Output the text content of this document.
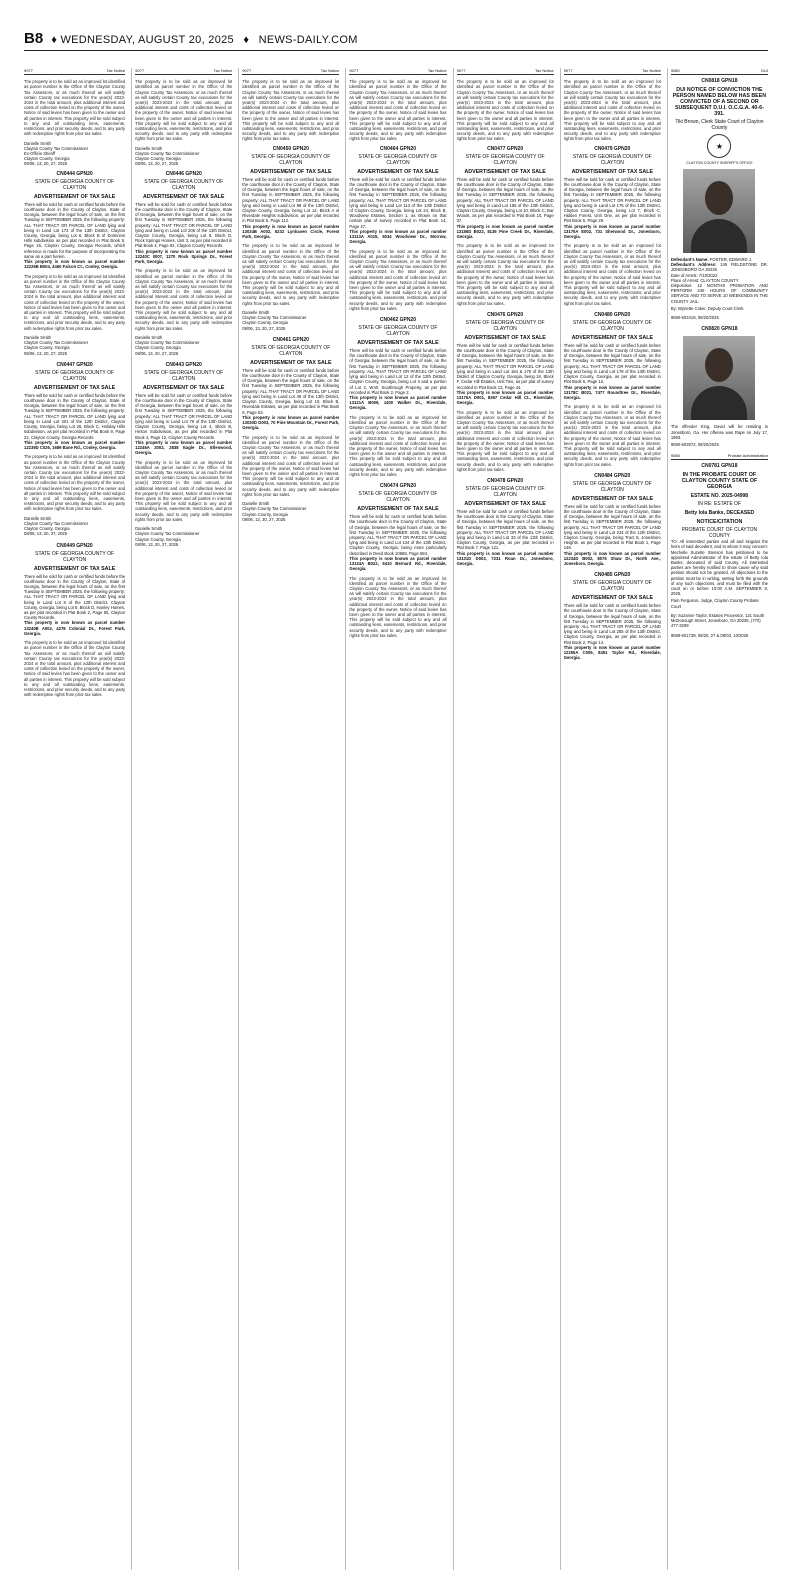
B8 ♦ WEDNESDAY, AUGUST 20, 2025 ♦ NEWS-DAILY.COM
9077	Tax Notice

The property is to be sold as an improved lot identified as parcel number in the Office of the Clayton County Tax Assessors, or as much thereof as will satisfy certain County tax executions for the year(s) 2023-2024 in the total amount, plus additional interest and costs of collection levied on the property of the owner, Notice of said levies has been given to the owner and all parties in interest. This property will be sold subject to any and all outstanding liens, easements, restrictions, and prior security deeds, and to any party with redemptive rights from prior tax sales.

Danielle Smith
Clayton County Tax Commissioner
Ex-Officio Sheriff
Clayton County, Georgia
08/06, 13, 20, 27, 2025

CN0444 GPN20
STATE OF GEORGIA COUNTY OF CLAYTON
ADVERTISEMENT OF TAX SALE

There will be sold for cash or certified funds before the courthouse door in the County of Clayton, State of Georgia, between the legal hours of sale, on the first Tuesday in SEPTEMBER 2025, the following property: ALL THAT TRACT OR PARCEL OF LAND lying and being in Land Lot 172 of the 13th District, Clayton County, Georgia, being Lot 6, Block B of Dominion Hills subdivision as per plat recorded in Plat Book 8, Page 15, Clayton County, Georgia Records, which reference is made for the purpose of incorporating the same as a part herein.

This property is now known as parcel number 12226B B004, 4460 Falcon Ct., Conley, Georgia.

The property is to be sold as an improved lot identified as parcel number in the Office of the Clayton County Tax Assessors, or as much thereof as will satisfy certain County tax executions for the year(s) 2023-2024 in the total amount, plus additional interest and costs of collection levied on the property of the owner, Notice of said levies has been given to the owner and all parties in interest. This property will be sold subject to any and all outstanding liens, easements, restrictions, and prior security deeds, and to any party with redemptive rights from prior tax sales.

Danielle Smith
Clayton County Tax Commissioner
Clayton County, Georgia
08/06, 13, 20, 27, 2025

CN0447 GPN20
STATE OF GEORGIA COUNTY OF CLAYTON
ADVERTISEMENT OF TAX SALE

There will be sold for cash or certified funds before the courthouse door in the County of Clayton, State of Georgia, between the legal hours of sale, on the first Tuesday in SEPTEMBER 2025, the following property: ALL THAT TRACT OR PARCEL OF LAND lying and being in Land Lot 201 of the 12th District, Clayton County, Georgia, being Lot 26, Block C, Holiday Hills subdivision, as per plat recorded in Plat Book 9, Page 22, Clayton County, Georgia Records.

This property is now known as parcel number 12239D C026, 1689 Bane Rd., Conley, Georgia.

The property is to be sold as an improved lot identified as parcel number in the Office of the Clayton County Tax Assessors, or as much thereof as will satisfy certain County tax executions for the year(s) 2023-2024 in the total amount, plus additional interest and costs of collection levied on the property of the owner, Notice of said levies has been given to the owner and all parties in interest. This property will be sold subject to any and all outstanding liens, easements, restrictions, and prior security deeds, and to any party with redemptive rights from prior tax sales.

Danielle Smith
Clayton County Tax Commissioner
Clayton County, Georgia
08/06, 13, 20, 27, 2025

CN0449 GPN20
STATE OF GEORGIA COUNTY OF CLAYTON
ADVERTISEMENT OF TAX SALE

There will be sold for cash or certified funds before the courthouse door in the County of Clayton, State of Georgia, between the legal hours of sale, on the first Tuesday in SEPTEMBER 2025, the following property: ALL THAT TRACT OR PARCEL OF LAND lying and being in Land Lot 9 of the 12th District, Clayton County, Georgia, being Lot 8, Block D, Hanley Homes, as per plat recorded in Plat Book 2, Page 50, Clayton County Records.

This property is now known as parcel number 13240B A002, 4278 Colonial Dr., Forest Park, Georgia.

The property is to be sold as an improved lot identified as parcel number in the Office of the Clayton County Tax Assessors, or as much thereof as will satisfy certain County tax executions for the year(s) 2023-2024 in the total amount, plus additional interest and costs of collection levied on the property of the owner, Notice of said levies has been given to the owner and all parties in interest. This property will be sold subject to any and all outstanding liens, easements, restrictions, and prior security deeds, and to any party with redemptive rights from prior tax sales.

9077	Tax Notice

The property is to be sold as an improved lot identified as parcel number in the Office of the Clayton County Tax Assessors, or as much thereof as will satisfy certain County tax executions for the year(s) 2023-2024 in the total amount, plus additional interest and costs of collection levied on the property of the owner, Notice of said levies has been given to the owner and all parties in interest. This property will be sold subject to any and all outstanding liens, easements, restrictions, and prior security deeds, and to any party with redemptive rights from prior tax sales.

Danielle Smith
Clayton County Tax Commissioner
Clayton County, Georgia
08/06, 13, 20, 27, 2025

CN0446 GPN20
STATE OF GEORGIA COUNTY OF CLAYTON
ADVERTISEMENT OF TAX SALE

There will be sold for cash or certified funds before the courthouse door in the County of Clayton, State of Georgia, between the legal hours of sale, on the first Tuesday in SEPTEMBER 2025, the following property: ALL THAT TRACT OR PARCEL OF LAND lying and being in Land Lot 206 of the 13th District, Clayton County, Georgia, being Lot 8, Block D, Rock Springs Homes, Unit 3, as per plat recorded in Plat Book 4, Page 92, Clayton County Records.

This property is now known as parcel number 12240C 0007, 1270 Rock Springs Dr., Forest Park, Georgia.

The property is to be sold as an improved lot identified as parcel number in the Office of the Clayton County Tax Assessors, or as much thereof as will satisfy certain County tax executions for the year(s) 2023-2024 in the total amount, plus additional interest and costs of collection levied on the property of the owner, Notice of said levies has been given to the owner and all parties in interest. This property will be sold subject to any and all outstanding liens, easements, restrictions, and prior security deeds, and to any party with redemptive rights from prior tax sales.

Danielle Smith
Clayton County Tax Commissioner
Clayton County, Georgia
08/06, 13, 20, 27, 2025

CN0443 GPN20
STATE OF GEORGIA COUNTY OF CLAYTON
ADVERTISEMENT OF TAX SALE

There will be sold for cash or certified funds before the courthouse door in the County of Clayton, State of Georgia, between the legal hours of sale, on the first Tuesday in SEPTEMBER 2025, the following property: ALL THAT TRACT OR PARCEL OF LAND lying and being in Land Lot 79 of the 13th District, Clayton County, Georgia, being Lot 4, Block B, Hinton Subdivision, as per plat recorded in Plat Book 4, Page 12, Clayton County Records.

This property is now known as parcel number 12246A 2002, 2838 Eagle Dr., Ellenwood, Georgia.

The property is to be sold as an improved lot identified as parcel number in the Office of the Clayton County Tax Assessors, or as much thereof as will satisfy certain County tax executions for the year(s) 2023-2024 in the total amount, plus additional interest and costs of collection levied on the property of the owner, Notice of said levies has been given to the owner and all parties in interest. This property will be sold subject to any and all outstanding liens, easements, restrictions, and prior security deeds, and to any party with redemptive rights from prior tax sales.

Danielle Smith
Clayton County Tax Commissioner
Clayton County, Georgia
08/06, 13, 20, 27, 2025

9077	Tax Notice

The property is to be sold as an improved lot identified as parcel number in the Office of the Clayton County Tax Assessors, or as much thereof as will satisfy certain County tax executions for the year(s) 2023-2024 in the total amount, plus additional interest and costs of collection levied on the property of the owner, Notice of said levies has been given to the owner and all parties in interest. This property will be sold subject to any and all outstanding liens, easements, restrictions, and prior security deeds, and to any party with redemptive rights from prior tax sales.

CN0450 GPN20
STATE OF GEORGIA COUNTY OF CLAYTON
ADVERTISEMENT OF TAX SALE

There will be sold for cash or certified funds before the courthouse door in the County of Clayton, State of Georgia, between the legal hours of sale, on the first Tuesday in SEPTEMBER 2025, the following property: ALL THAT TRACT OR PARCEL OF LAND lying and being in Land Lot 98 of the 13th District, Clayton County, Georgia, being Lot 14, Block A of Riverdale Heights subdivision, as per plat recorded in Plat Book 5, Page 112.

This property is now known as parcel number 13034B A002, 5232 Lynhaven Circle, Forest Park, Georgia.

The property is to be sold as an improved lot identified as parcel number in the Office of the Clayton County Tax Assessors, or as much thereof as will satisfy certain County tax executions for the year(s) 2023-2024 in the total amount, plus additional interest and costs of collection levied on the property of the owner, Notice of said levies has been given to the owner and all parties in interest. This property will be sold subject to any and all outstanding liens, easements, restrictions, and prior security deeds, and to any party with redemptive rights from prior tax sales.

Danielle Smith
Clayton County Tax Commissioner
Clayton County, Georgia
08/06, 13, 20, 27, 2025

CN0461 GPN20
STATE OF GEORGIA COUNTY OF CLAYTON
ADVERTISEMENT OF TAX SALE

There will be sold for cash or certified funds before the courthouse door in the County of Clayton, State of Georgia, between the legal hours of sale, on the first Tuesday in SEPTEMBER 2025, the following property: ALL THAT TRACT OR PARCEL OF LAND lying and being in Land Lot 49 of the 13th District, Clayton County, Georgia, being Lot 10, Block B, Riverdale Estates, as per plat recorded in Plat Book 6, Page 53.

This property is now known as parcel number 13030D D003, 70 Pine Mountain Dr., Forest Park, Georgia.

The property is to be sold as an improved lot identified as parcel number in the Office of the Clayton County Tax Assessors, or as much thereof as will satisfy certain County tax executions for the year(s) 2023-2024 in the total amount, plus additional interest and costs of collection levied on the property of the owner, Notice of said levies has been given to the owner and all parties in interest. This property will be sold subject to any and all outstanding liens, easements, restrictions, and prior security deeds, and to any party with redemptive rights from prior tax sales.

Danielle Smith
Clayton County Tax Commissioner
Clayton County, Georgia
08/06, 13, 20, 27, 2025

9077	Tax Notice

The property is to be sold as an improved lot identified as parcel number in the Office of the Clayton County Tax Assessors, or as much thereof as will satisfy certain County tax executions for the year(s) 2023-2024 in the total amount, plus additional interest and costs of collection levied on the property of the owner, Notice of said levies has been given to the owner and all parties in interest. This property will be sold subject to any and all outstanding liens, easements, restrictions, and prior security deeds, and to any party with redemptive rights from prior tax sales.

CN0464 GPN20
STATE OF GEORGIA COUNTY OF CLAYTON
ADVERTISEMENT OF TAX SALE

There will be sold for cash or certified funds before the courthouse door in the County of Clayton, State of Georgia, between the legal hours of sale, on the first Tuesday in SEPTEMBER 2025, the following property: ALL THAT TRACT OR PARCEL OF LAND lying and being in Land Lot 113 of the 13th District of Clayton County, Georgia, being Lot 24, Block B, Woodview Estates, Section 1, as shown on that certain plat of survey recorded in Plat Book 14, Page 47.

This property is now known as parcel number 13113A A015, 6034 Woodview Dr., Morrow, Georgia.

The property is to be sold as an improved lot identified as parcel number in the Office of the Clayton County Tax Assessors, or as much thereof as will satisfy certain County tax executions for the year(s) 2023-2024 in the total amount, plus additional interest and costs of collection levied on the property of the owner, Notice of said levies has been given to the owner and all parties in interest. This property will be sold subject to any and all outstanding liens, easements, restrictions, and prior security deeds, and to any party with redemptive rights from prior tax sales.

CN0462 GPN20
STATE OF GEORGIA COUNTY OF CLAYTON
ADVERTISEMENT OF TAX SALE

There will be sold for cash or certified funds before the courthouse door in the County of Clayton, State of Georgia, between the legal hours of sale, on the first Tuesday in SEPTEMBER 2025, the following property: ALL THAT TRACT OR PARCEL OF LAND lying and being in Land Lot 12 of the 13th District, Clayton County, Georgia, being Lot 3 and a portion of Lot 2, W.W. Scarbrough Property, as per plat recorded in Plat Book 2, Page 2.

This property is now known as parcel number 13121A B009, 1400 Walker Dr., Riverdale, Georgia.

The property is to be sold as an improved lot identified as parcel number in the Office of the Clayton County Tax Assessors, or as much thereof as will satisfy certain County tax executions for the year(s) 2023-2024 in the total amount, plus additional interest and costs of collection levied on the property of the owner, Notice of said levies has been given to the owner and all parties in interest. This property will be sold subject to any and all outstanding liens, easements, restrictions, and prior security deeds, and to any party with redemptive rights from prior tax sales.

CN0474 GPN20
STATE OF GEORGIA COUNTY OF CLAYTON
ADVERTISEMENT OF TAX SALE

There will be sold for cash or certified funds before the courthouse door in the County of Clayton, State of Georgia, between the legal hours of sale, on the first Tuesday in SEPTEMBER 2025, the following property: ALL THAT TRACT OR PARCEL OF LAND lying and being in Land Lot 134 of the 13th District, Clayton County, Georgia, being more particularly described in Deed Book 10668, Page 584.

This property is now known as parcel number 13134A B022, 6410 Bernard Rd., Riverdale, Georgia.

The property is to be sold as an improved lot identified as parcel number in the Office of the Clayton County Tax Assessors, or as much thereof as will satisfy certain County tax executions for the year(s) 2023-2024 in the total amount, plus additional interest and costs of collection levied on the property of the owner, Notice of said levies has been given to the owner and all parties in interest. This property will be sold subject to any and all outstanding liens, easements, restrictions, and prior security deeds, and to any party with redemptive rights from prior tax sales.

9077	Tax Notice

The property is to be sold as an improved lot identified as parcel number in the Office of the Clayton County Tax Assessors, or as much thereof as will satisfy certain County tax executions for the year(s) 2023-2024 in the total amount, plus additional interest and costs of collection levied on the property of the owner, Notice of said levies has been given to the owner and all parties in interest. This property will be sold subject to any and all outstanding liens, easements, restrictions, and prior security deeds, and to any party with redemptive rights from prior tax sales.

CN0477 GPN20
STATE OF GEORGIA COUNTY OF CLAYTON
ADVERTISEMENT OF TAX SALE

There will be sold for cash or certified funds before the courthouse door in the County of Clayton, State of Georgia, between the legal hours of sale, on the first Tuesday in SEPTEMBER 2025, the following property: ALL THAT TRACT OR PARCEL OF LAND lying and being in Land Lot 185 of the 13th District, Clayton County, Georgia, being Lot 10, Block C, Bar Woods, as per plat recorded in Plat Book 10, Page 37.

This property is now known as parcel number 13186D B022, 8139 Pine Creek Dr., Riverdale, Georgia.

The property is to be sold as an improved lot identified as parcel number in the Office of the Clayton County Tax Assessors, or as much thereof as will satisfy certain County tax executions for the year(s) 2023-2024 in the total amount, plus additional interest and costs of collection levied on the property of the owner, Notice of said levies has been given to the owner and all parties in interest. This property will be sold subject to any and all outstanding liens, easements, restrictions, and prior security deeds, and to any party with redemptive rights from prior tax sales.

CN0476 GPN20
STATE OF GEORGIA COUNTY OF CLAYTON
ADVERTISEMENT OF TAX SALE

There will be sold for cash or certified funds before the courthouse door in the County of Clayton, State of Georgia, between the legal hours of sale, on the first Tuesday in SEPTEMBER 2025, the following property: ALL THAT TRACT OR PARCEL OF LAND lying and being in Land Lot 184 & 176 of the 13th District of Clayton County, Georgia, being 18, Block F, Cedar Hill Estates, Unit Two, as per plat of survey recorded in Plat Book 13, Page 44.

This property is now known as parcel number 13176A D001, 8367 Cedar Hill Ct., Riverdale, Georgia.

The property is to be sold as an improved lot identified as parcel number in the Office of the Clayton County Tax Assessors, or as much thereof as will satisfy certain County tax executions for the year(s) 2023-2024 in the total amount, plus additional interest and costs of collection levied on the property of the owner, Notice of said levies has been given to the owner and all parties in interest. This property will be sold subject to any and all outstanding liens, easements, restrictions, and prior security deeds, and to any party with redemptive rights from prior tax sales.

CN0478 GPN20
STATE OF GEORGIA COUNTY OF CLAYTON
ADVERTISEMENT OF TAX SALE

There will be sold for cash or certified funds before the courthouse door in the County of Clayton, State of Georgia, between the legal hours of sale, on the first Tuesday in SEPTEMBER 2025, the following property: ALL THAT TRACT OR PARCEL OF LAND lying and being in Land Lot 33 of the 13th District, Clayton County, Georgia, as per plat recorded in Plat Book 7, Page 121.

This property is now known as parcel number 13131D D003, 7231 Roan Dr., Jonesboro, Georgia.

9077	Tax Notice

The property is to be sold as an improved lot identified as parcel number in the Office of the Clayton County Tax Assessors, or as much thereof as will satisfy certain County tax executions for the year(s) 2023-2024 in the total amount, plus additional interest and costs of collection levied on the property of the owner, Notice of said levies has been given to the owner and all parties in interest. This property will be sold subject to any and all outstanding liens, easements, restrictions, and prior security deeds, and to any party with redemptive rights from prior tax sales.

CN0479 GPN20
STATE OF GEORGIA COUNTY OF CLAYTON
ADVERTISEMENT OF TAX SALE

There will be sold for cash or certified funds before the courthouse door in the County of Clayton, State of Georgia, between the legal hours of sale, on the first Tuesday in SEPTEMBER 2025, the following property: ALL THAT TRACT OR PARCEL OF LAND lying and being in Land Lot 175 of the 13th District, Clayton County, Georgia, being Lot 7, Block C, Hidden Forest, Unit One, as per plat recorded in Plat Book 5, Page 29.

This property is now known as parcel number 13175A E002, 731 Sherwood Dr., Jonesboro, Georgia.

The property is to be sold as an improved lot identified as parcel number in the Office of the Clayton County Tax Assessors, or as much thereof as will satisfy certain County tax executions for the year(s) 2023-2024 in the total amount, plus additional interest and costs of collection levied on the property of the owner, Notice of said levies has been given to the owner and all parties in interest. This property will be sold subject to any and all outstanding liens, easements, restrictions, and prior security deeds, and to any party with redemptive rights from prior tax sales.

CN0480 GPN20
STATE OF GEORGIA COUNTY OF CLAYTON
ADVERTISEMENT OF TAX SALE

There will be sold for cash or certified funds before the courthouse door in the County of Clayton, State of Georgia, between the legal hours of sale, on the first Tuesday in SEPTEMBER 2025, the following property: ALL THAT TRACT OR PARCEL OF LAND lying and being in Land Lot 178 of the 13th District, Clayton County, Georgia, as per plat recorded in Plat Book 6, Page 12.

This property is now known as parcel number 13178C B021, 7477 Roundtree Dr., Riverdale, Georgia.

The property is to be sold as an improved lot identified as parcel number in the Office of the Clayton County Tax Assessors, or as much thereof as will satisfy certain County tax executions for the year(s) 2023-2024 in the total amount, plus additional interest and costs of collection levied on the property of the owner, Notice of said levies has been given to the owner and all parties in interest. This property will be sold subject to any and all outstanding liens, easements, restrictions, and prior security deeds, and to any party with redemptive rights from prior tax sales.

CN0484 GPN20
STATE OF GEORGIA COUNTY OF CLAYTON
ADVERTISEMENT OF TAX SALE

There will be sold for cash or certified funds before the courthouse door in the County of Clayton, State of Georgia, between the legal hours of sale, on the first Tuesday in SEPTEMBER 2025, the following property: ALL THAT TRACT OR PARCEL OF LAND lying and being in Land Lot 234 of the 12th District, Clayton County, Georgia, being Tract 8, Jonesboro Heights, as per plat recorded in Plat Book 1, Page 149.

This property is now known as parcel number 12234D B002, 8575 Shaw Dr., North Ave., Jonesboro, Georgia.

CN0485 GPN20
STATE OF GEORGIA COUNTY OF CLAYTON
ADVERTISEMENT OF TAX SALE

There will be sold for cash or certified funds before the courthouse door in the County of Clayton, State of Georgia, between the legal hours of sale, on the first Tuesday in SEPTEMBER 2025, the following property: ALL THAT TRACT OR PARCEL OF LAND lying and being in Land Lot 255 of the 13th District, Clayton County, Georgia, as per plat recorded in Plat Book 2, Page 14.

This property is now known as parcel number 12255A C009, 8451 Taylor Rd., Riverdale, Georgia.

9080	DUI
CN0818 GPN18
DUI NOTICE OF CONVICTION THE PERSON NAMED BELOW HAS BEEN CONVICTED OF A SECOND OR SUBSEQUENT D.U.I. O.C.G.A. 40-6-391.
Tiki Brown, Clerk State Court of Clayton County
★
CLAYTON COUNTY SHERIFF'S OFFICE

Defendant's Name: FOSTER, EDWARD J.

Defendant's Address: 149 FIELDSTONE DR. JONESBORO GA 30236

Date of Arrest: 7/10/2022

Place of Arrest: CLAYTON COUNTY

Disposition: 12 MONTHS PROBATION AND PERFORM 240 HOURS OF COMMUNITY SERVICE AND TO SERVE 10 WEEKENDS IN THE COUNTY JAIL.

By: Wynette Coker, Deputy Court Clerk

9080-502418, 08/20/2025

CN0820 GPN18

The offender King, David will be residing in Jonesboro, Ga. Her offense was Rape on July 17, 1993.

9080-502672, 08/20/2025

9088	Probate Administration
CN0781 GPN18
IN THE PROBATE COURT OF CLAYTON COUNTY STATE OF GEORGIA
ESTATE NO. 2025-04998
IN RE: ESTATE OF
Betty Iola Banks, DECEASED
NOTICE/CITATION
PROBATE COURT OF CLAYTON COUNTY

TO: All interested parties and all and singular the heirs of said decedent, and to whom it may concern: Mechelle Suzette Stenson has petitioned to be appointed Administrator of the estate of Betty Iola Banks, deceased of said County. All interested parties are hereby notified to show cause why said petition should not be granted. All objections to the petition must be in writing, setting forth the grounds of any such objections, and must be filed with the court on or before 10:00 A.M. SEPTEMBER 8, 2025.

Pam Ferguson, Judge, Clayton County Probate Court

By: Suzanne Taylor, Estates Processor, 121 South McDonough Street, Jonesboro, GA 30236, (770) 477-3299

9088-501739, 08/20, 27 & 09/03, 10/2025
